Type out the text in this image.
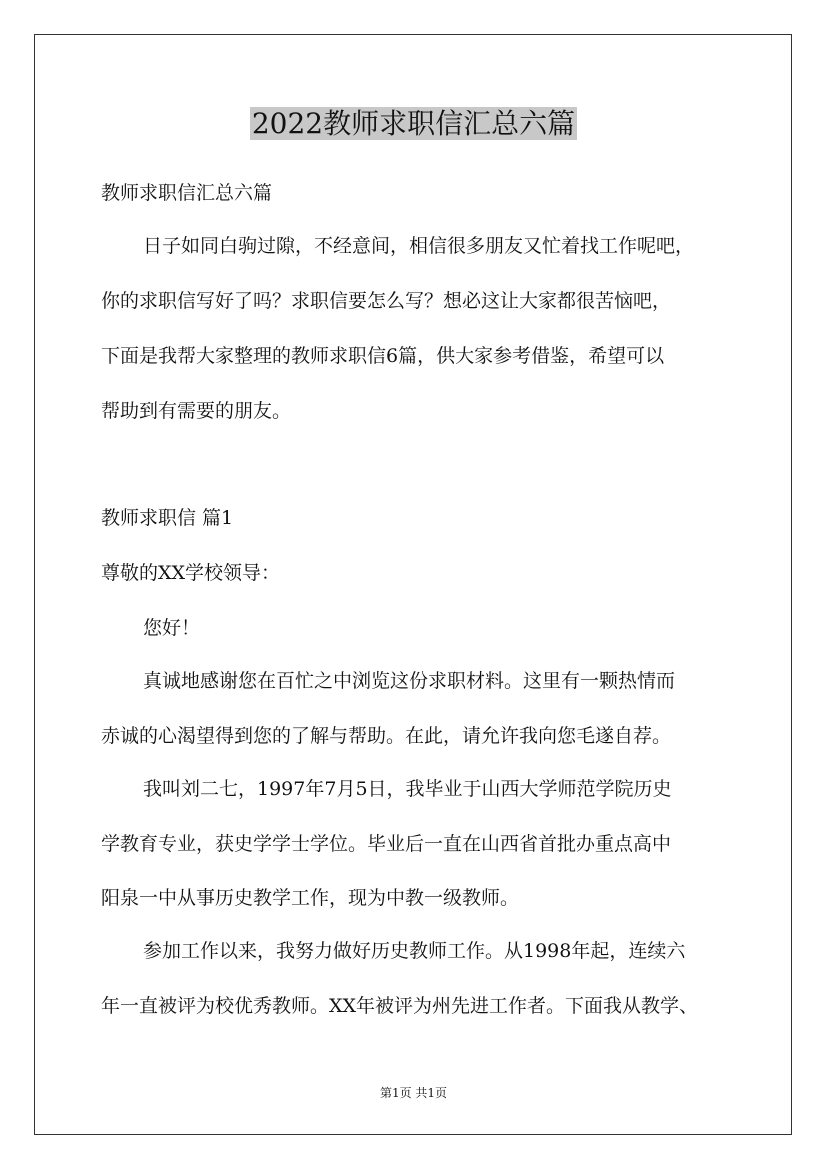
2022教师求职信汇总六篇

教师求职信汇总六篇

日子如同白驹过隙，不经意间，相信很多朋友又忙着找工作呢吧，

你的求职信写好了吗？求职信要怎么写？想必这让大家都很苦恼吧，

下面是我帮大家整理的教师求职信6篇，供大家参考借鉴，希望可以

帮助到有需要的朋友。

教师求职信 篇1

尊敬的XX学校领导：

您好！

真诚地感谢您在百忙之中浏览这份求职材料。这里有一颗热情而

赤诚的心渴望得到您的了解与帮助。在此，请允许我向您毛遂自荐。

我叫刘二七，1997年7月5日，我毕业于山西大学师范学院历史

学教育专业，获史学学士学位。毕业后一直在山西省首批办重点高中

阳泉一中从事历史教学工作，现为中教一级教师。

参加工作以来，我努力做好历史教师工作。从1998年起，连续六

年一直被评为校优秀教师。XX年被评为州先进工作者。下面我从教学、

第1页 共1页
